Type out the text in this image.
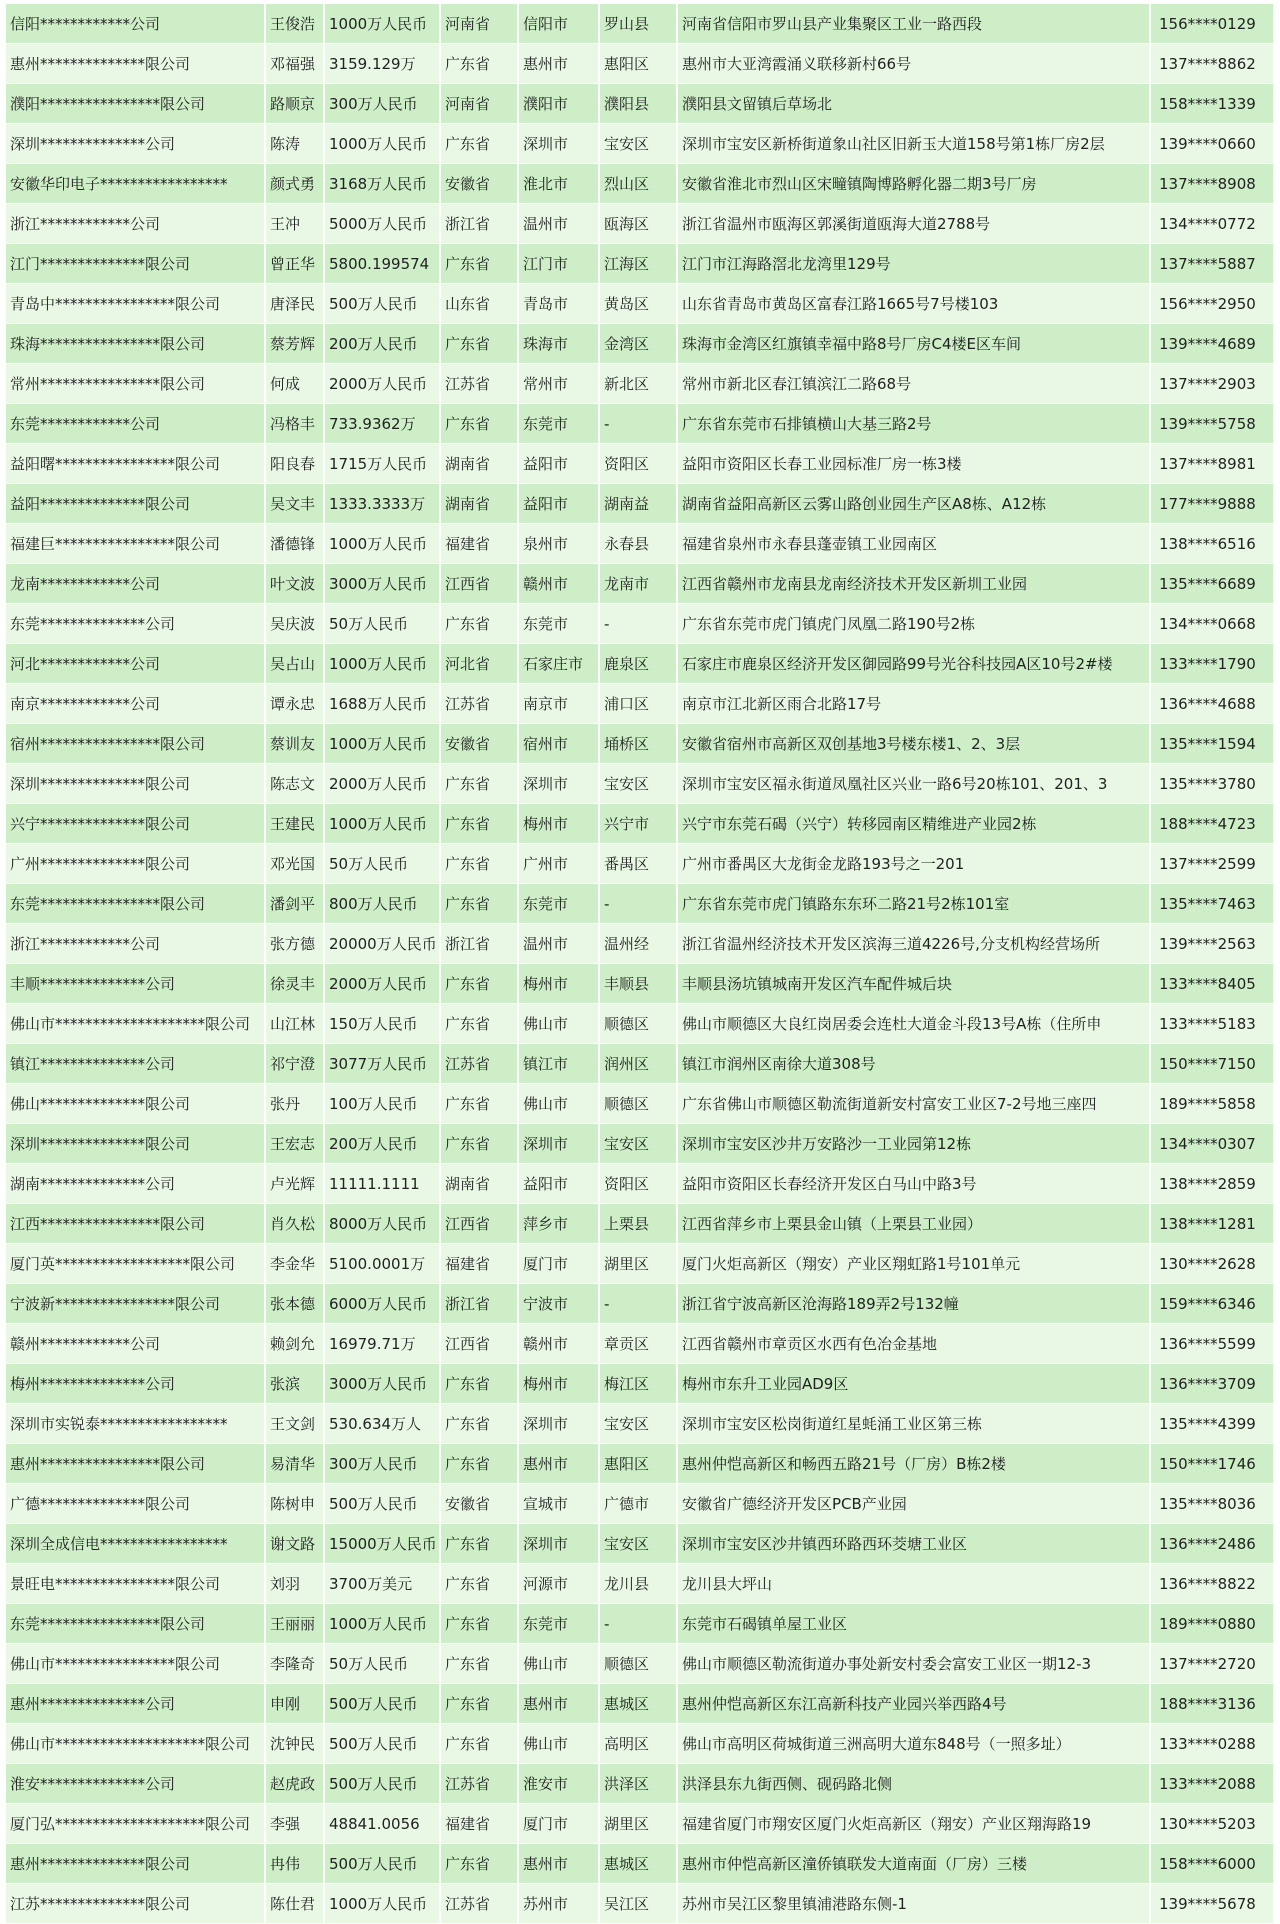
信阳************公司	王俊浩	1000万人民币	河南省	信阳市	罗山县	河南省信阳市罗山县产业集聚区工业一路西段	156****0129
惠州**************限公司	邓福强	3159.129万	广东省	惠州市	惠阳区	惠州市大亚湾霞涌义联移新村66号	137****8862
濮阳****************限公司	路顺京	300万人民币	河南省	濮阳市	濮阳县	濮阳县文留镇后草场北	158****1339
深圳**************公司	陈涛	1000万人民币	广东省	深圳市	宝安区	深圳市宝安区新桥街道象山社区旧新玉大道158号第1栋厂房2层	139****0660
安徽华印电子*****************	颜式勇	3168万人民币	安徽省	淮北市	烈山区	安徽省淮北市烈山区宋疃镇陶博路孵化器二期3号厂房	137****8908
浙江************公司	王冲	5000万人民币	浙江省	温州市	瓯海区	浙江省温州市瓯海区郭溪街道瓯海大道2788号	134****0772
江门**************限公司	曾正华	5800.199574	广东省	江门市	江海区	江门市江海路滘北龙湾里129号	137****5887
青岛中****************限公司	唐泽民	500万人民币	山东省	青岛市	黄岛区	山东省青岛市黄岛区富春江路1665号7号楼103	156****2950
珠海****************限公司	蔡芳辉	200万人民币	广东省	珠海市	金湾区	珠海市金湾区红旗镇幸福中路8号厂房C4楼E区车间	139****4689
常州****************限公司	何成	2000万人民币	江苏省	常州市	新北区	常州市新北区春江镇滨江二路68号	137****2903
东莞************公司	冯格丰	733.9362万	广东省	东莞市	-	广东省东莞市石排镇横山大基三路2号	139****5758
益阳曙****************限公司	阳良春	1715万人民币	湖南省	益阳市	资阳区	益阳市资阳区长春工业园标准厂房一栋3楼	137****8981
益阳**************限公司	吴文丰	1333.3333万	湖南省	益阳市	湖南益	湖南省益阳高新区云雾山路创业园生产区A8栋、A12栋	177****9888
福建巨****************限公司	潘德锋	1000万人民币	福建省	泉州市	永春县	福建省泉州市永春县蓬壶镇工业园南区	138****6516
龙南************公司	叶文波	3000万人民币	江西省	赣州市	龙南市	江西省赣州市龙南县龙南经济技术开发区新圳工业园	135****6689
东莞**************公司	吴庆波	50万人民币	广东省	东莞市	-	广东省东莞市虎门镇虎门凤凰二路190号2栋	134****0668
河北************公司	吴占山	1000万人民币	河北省	石家庄市	鹿泉区	石家庄市鹿泉区经济开发区御园路99号光谷科技园A区10号2#楼	133****1790
南京************公司	谭永忠	1688万人民币	江苏省	南京市	浦口区	南京市江北新区雨合北路17号	136****4688
宿州****************限公司	蔡训友	1000万人民币	安徽省	宿州市	埇桥区	安徽省宿州市高新区双创基地3号楼东楼1、2、3层	135****1594
深圳**************限公司	陈志文	2000万人民币	广东省	深圳市	宝安区	深圳市宝安区福永街道凤凰社区兴业一路6号20栋101、201、3	135****3780
兴宁**************限公司	王建民	1000万人民币	广东省	梅州市	兴宁市	兴宁市东莞石碣（兴宁）转移园南区精维进产业园2栋	188****4723
广州**************限公司	邓光国	50万人民币	广东省	广州市	番禺区	广州市番禺区大龙街金龙路193号之一201	137****2599
东莞****************限公司	潘剑平	800万人民币	广东省	东莞市	-	广东省东莞市虎门镇路东东环二路21号2栋101室	135****7463
浙江************公司	张方德	20000万人民币	浙江省	温州市	温州经	浙江省温州经济技术开发区滨海三道4226号,分支机构经营场所	139****2563
丰顺**************公司	徐灵丰	2000万人民币	广东省	梅州市	丰顺县	丰顺县汤坑镇城南开发区汽车配件城后块	133****8405
佛山市********************限公司	山江林	150万人民币	广东省	佛山市	顺德区	佛山市顺德区大良红岗居委会连杜大道金斗段13号A栋（住所申	133****5183
镇江**************公司	祁宁澄	3077万人民币	江苏省	镇江市	润州区	镇江市润州区南徐大道308号	150****7150
佛山**************限公司	张丹	100万人民币	广东省	佛山市	顺德区	广东省佛山市顺德区勒流街道新安村富安工业区7-2号地三座四	189****5858
深圳**************限公司	王宏志	200万人民币	广东省	深圳市	宝安区	深圳市宝安区沙井万安路沙一工业园第12栋	134****0307
湖南**************公司	卢光辉	11111.1111	湖南省	益阳市	资阳区	益阳市资阳区长春经济开发区白马山中路3号	138****2859
江西****************限公司	肖久松	8000万人民币	江西省	萍乡市	上栗县	江西省萍乡市上栗县金山镇（上栗县工业园）	138****1281
厦门英******************限公司	李金华	5100.0001万	福建省	厦门市	湖里区	厦门火炬高新区（翔安）产业区翔虹路1号101单元	130****2628
宁波新****************限公司	张本德	6000万人民币	浙江省	宁波市	-	浙江省宁波高新区沧海路189弄2号132幢	159****6346
赣州************公司	赖剑允	16979.71万	江西省	赣州市	章贡区	江西省赣州市章贡区水西有色冶金基地	136****5599
梅州**************公司	张滨	3000万人民币	广东省	梅州市	梅江区	梅州市东升工业园AD9区	136****3709
深圳市实锐泰*****************	王文剑	530.634万人	广东省	深圳市	宝安区	深圳市宝安区松岗街道红星蚝涌工业区第三栋	135****4399
惠州****************限公司	易清华	300万人民币	广东省	惠州市	惠阳区	惠州仲恺高新区和畅西五路21号（厂房）B栋2楼	150****1746
广德**************限公司	陈树申	500万人民币	安徽省	宣城市	广德市	安徽省广德经济开发区PCB产业园	135****8036
深圳全成信电*****************	谢文路	15000万人民币	广东省	深圳市	宝安区	深圳市宝安区沙井镇西环路西环茭塘工业区	136****2486
景旺电****************限公司	刘羽	3700万美元	广东省	河源市	龙川县	龙川县大坪山	136****8822
东莞****************限公司	王丽丽	1000万人民币	广东省	东莞市	-	东莞市石碣镇单屋工业区	189****0880
佛山市****************限公司	李隆奇	50万人民币	广东省	佛山市	顺德区	佛山市顺德区勒流街道办事处新安村委会富安工业区一期12-3	137****2720
惠州**************公司	申刚	500万人民币	广东省	惠州市	惠城区	惠州仲恺高新区东江高新科技产业园兴举西路4号	188****3136
佛山市********************限公司	沈钟民	500万人民币	广东省	佛山市	高明区	佛山市高明区荷城街道三洲高明大道东848号（一照多址）	133****0288
淮安**************公司	赵虎政	500万人民币	江苏省	淮安市	洪泽区	洪泽县东九街西侧、砚码路北侧	133****2088
厦门弘********************限公司	李强	48841.0056	福建省	厦门市	湖里区	福建省厦门市翔安区厦门火炬高新区（翔安）产业区翔海路19	130****5203
惠州**************限公司	冉伟	500万人民币	广东省	惠州市	惠城区	惠州市仲恺高新区潼侨镇联发大道南面（厂房）三楼	158****6000
江苏**************限公司	陈仕君	1000万人民币	江苏省	苏州市	吴江区	苏州市吴江区黎里镇浦港路东侧-1	139****5678
